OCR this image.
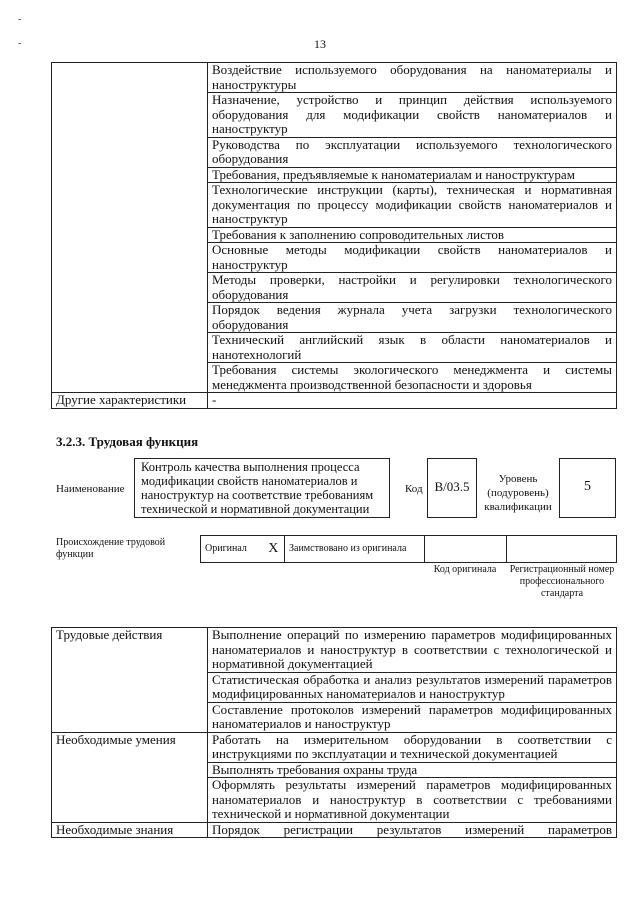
-
-	13
	Воздействие используемого оборудования на наноматериалы и наноструктуры
	Назначение, устройство и принцип действия используемого оборудования для модификации свойств наноматериалов и наноструктур
	Руководства по эксплуатации используемого технологического оборудования
	Требования, предъявляемые к наноматериалам и наноструктурам
	Технологические инструкции (карты), техническая и нормативная документация по процессу модификации свойств наноматериалов и наноструктур
	Требования к заполнению сопроводительных листов
	Основные методы модификации свойств наноматериалов и наноструктур
	Методы проверки, настройки и регулировки технологического оборудования
	Порядок ведения журнала учета загрузки технологического оборудования
	Технический английский язык в области наноматериалов и нанотехнологий
	Требования системы экологического менеджмента и системы менеджмента производственной безопасности и здоровья
Другие характеристики	-
3.2.3. Трудовая функция
Наименование
Контроль качества выполнения процесса модификации свойств наноматериалов и наноструктур на соответствие требованиям технической и нормативной документации
Код B/03.5	Уровень (подуровень) квалификации
5
Происхождение трудовой функции
Оригинал	X	Заимствовано из оригинала		
Код оригинала	Регистрационный номер профессионального стандарта
Трудовые действия	Выполнение операций по измерению параметров модифицированных наноматериалов и наноструктур в соответствии с технологической и нормативной документацией
	Статистическая обработка и анализ результатов измерений параметров модифицированных наноматериалов и наноструктур
	Составление протоколов измерений параметров модифицированных наноматериалов и наноструктур
Необходимые умения	Работать на измерительном оборудовании в соответствии с инструкциями по эксплуатации и технической документацией
	Выполнять требования охраны труда
	Оформлять результаты измерений параметров модифицированных наноматериалов и наноструктур в соответствии с требованиями технической и нормативной документации
Необходимые знания	Порядок регистрации результатов измерений параметров
